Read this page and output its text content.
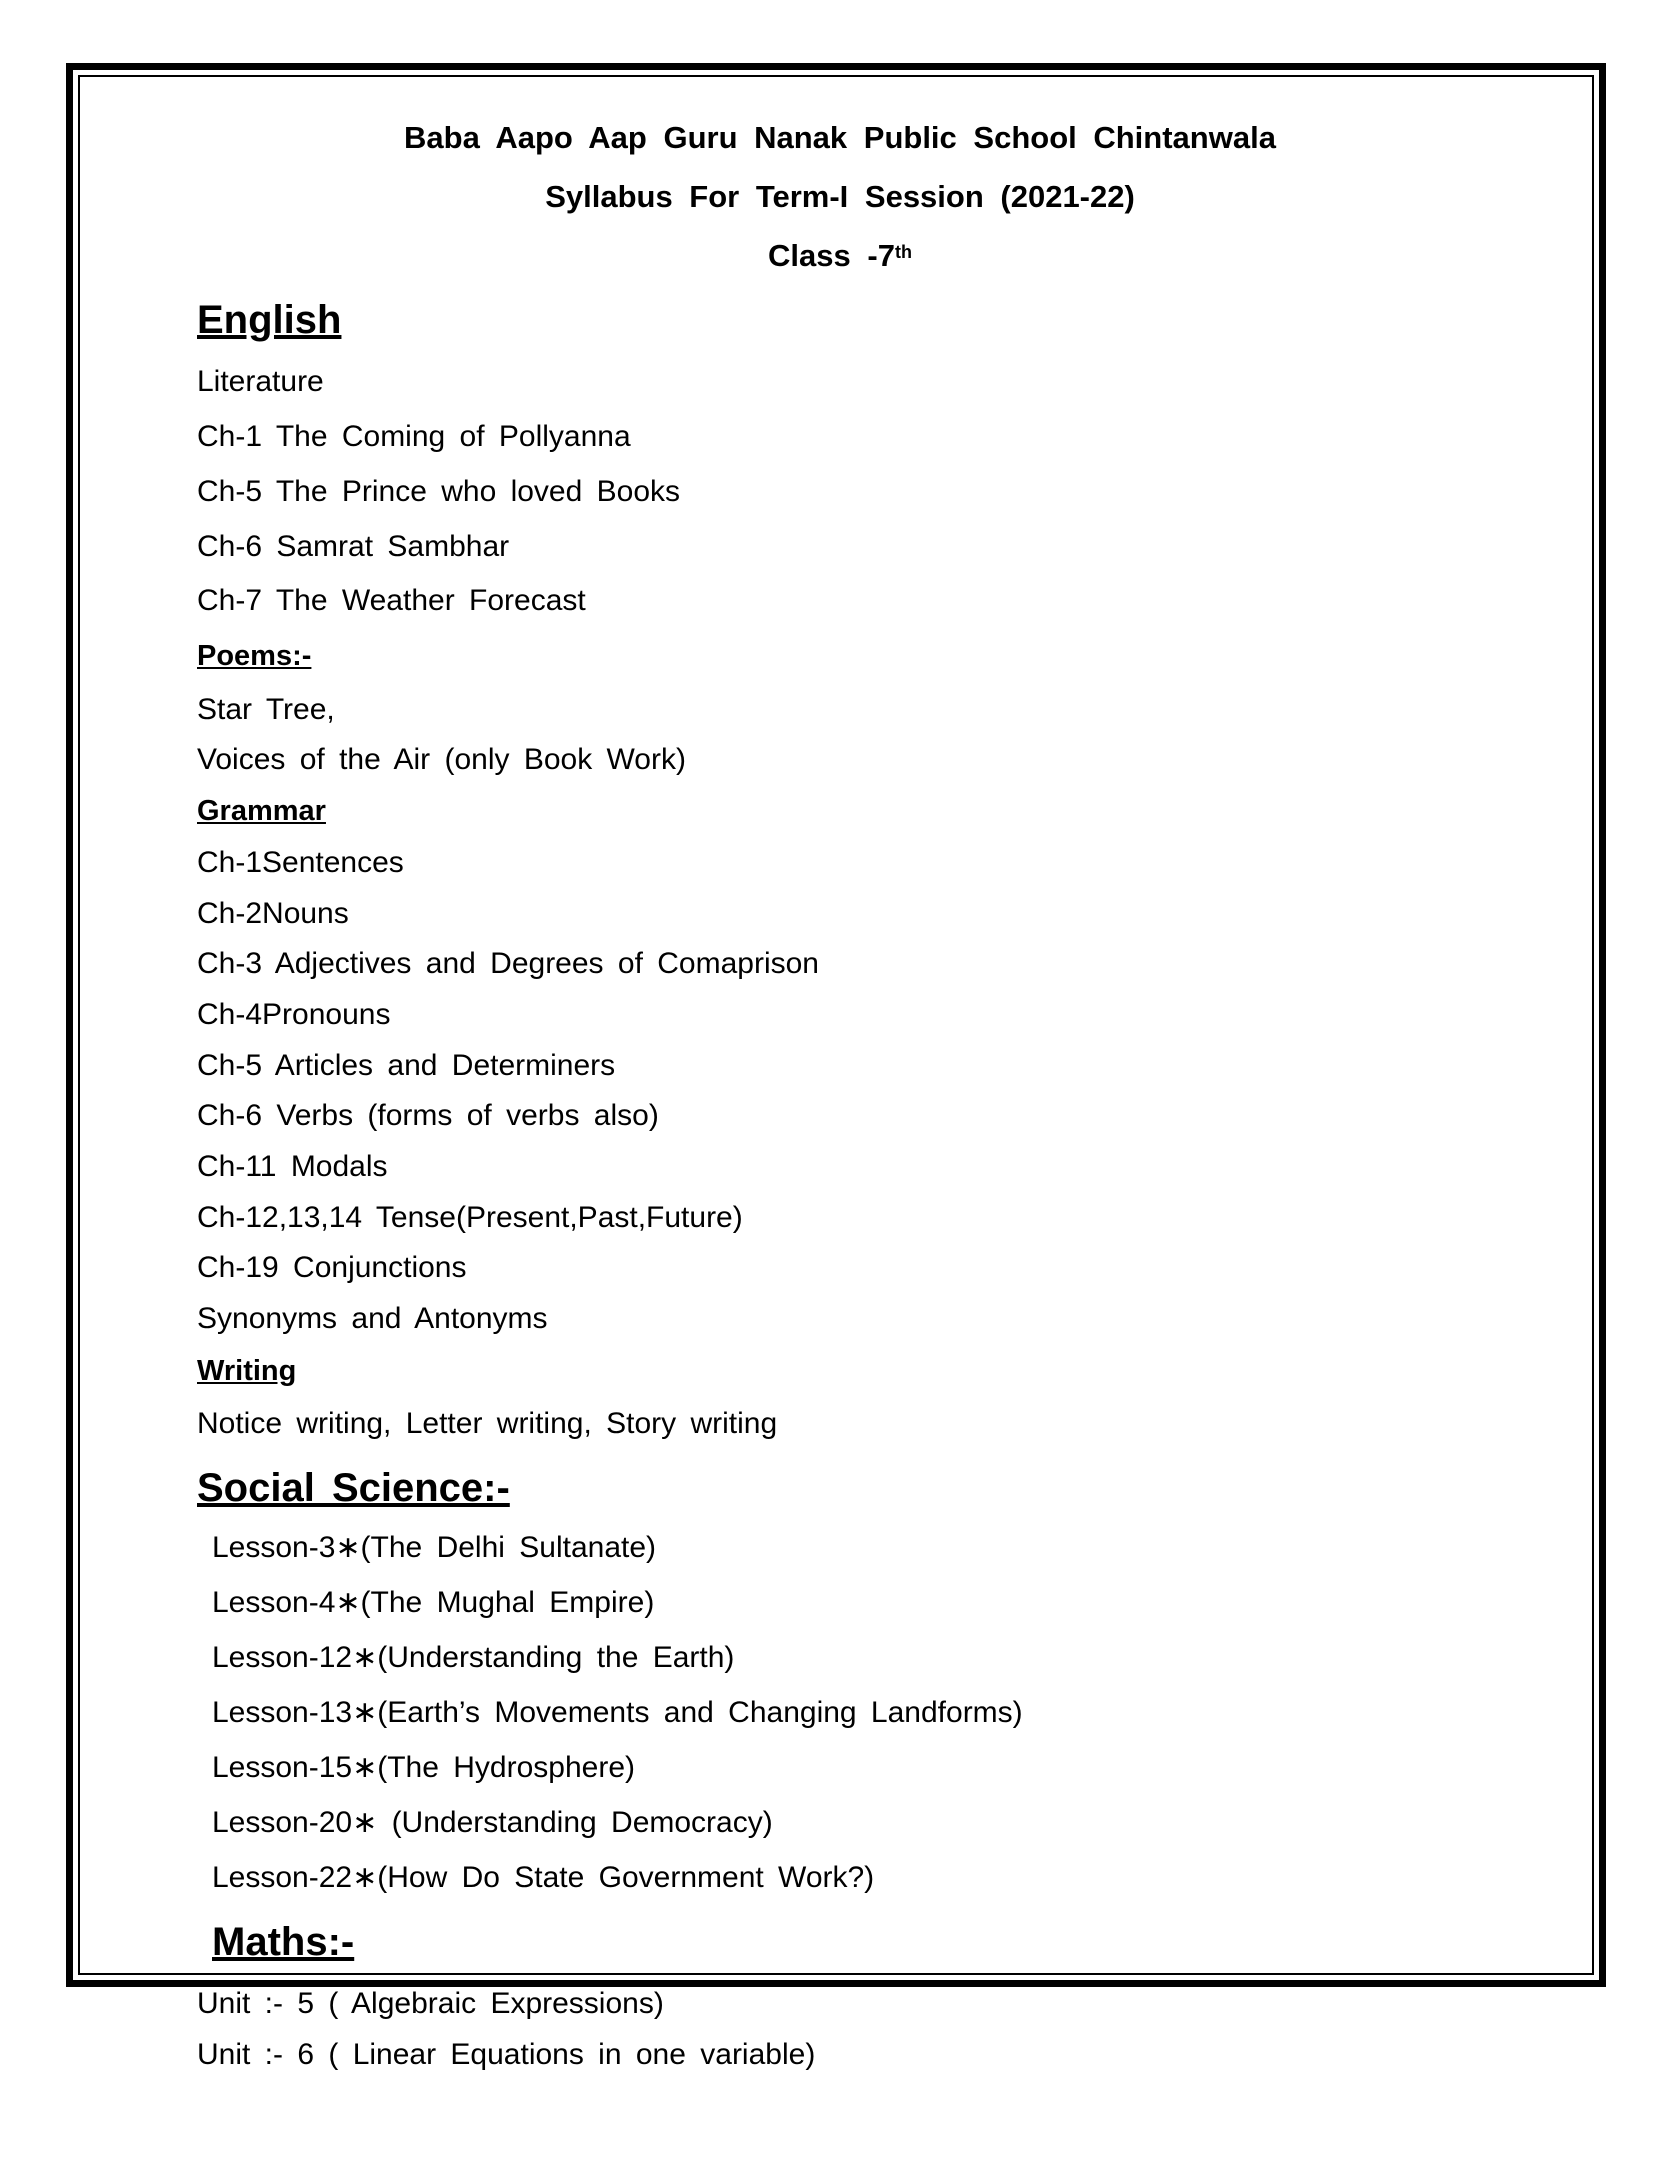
Baba Aapo Aap Guru Nanak Public School Chintanwala
Syllabus For Term-I Session (2021-22)
Class -7th
English
Literature
Ch-1 The Coming of Pollyanna
Ch-5 The Prince who loved Books
Ch-6 Samrat Sambhar
Ch-7 The Weather Forecast
Poems:-
Star Tree,
Voices of the Air (only Book Work)
Grammar
Ch-1Sentences
Ch-2Nouns
Ch-3 Adjectives and Degrees of Comaprison
Ch-4Pronouns
Ch-5 Articles and Determiners
Ch-6 Verbs (forms of verbs also)
Ch-11 Modals
Ch-12,13,14 Tense(Present,Past,Future)
Ch-19 Conjunctions
Synonyms and Antonyms
Writing
Notice writing, Letter writing, Story writing
Social Science:-
Lesson-3∗(The Delhi Sultanate)
Lesson-4∗(The Mughal Empire)
Lesson-12∗(Understanding the Earth)
Lesson-13∗(Earth’s Movements and Changing Landforms)
Lesson-15∗(The Hydrosphere)
Lesson-20∗ (Understanding Democracy)
Lesson-22∗(How Do State Government Work?)
Maths:-
Unit :- 5 ( Algebraic Expressions)
Unit :- 6 ( Linear Equations in one variable)
